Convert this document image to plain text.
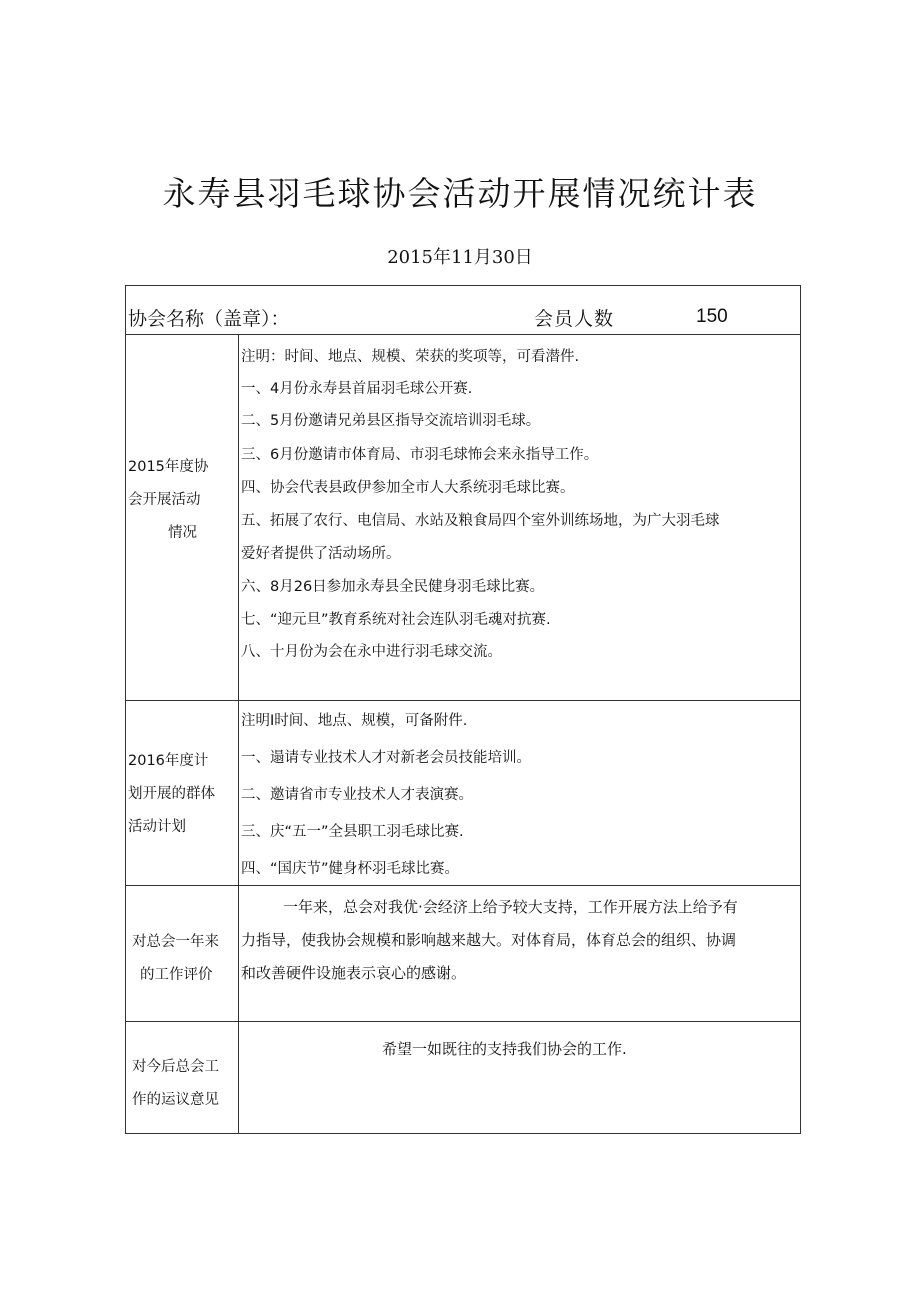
永寿县羽毛球协会活动开展情况统计表
2015年11月30日
协会名称（盖章）：	会员人数	150
2015年度协
会开展活动
情况
注明：时间、地点、规模、荣获的奖项等，可看潜件.
一、4月份永寿县首届羽毛球公开赛.
二、5月份邀请兄弟县区指导交流培训羽毛球。
三、6月份邀请市体育局、市羽毛球怖会来永指导工作。
四、协会代表县政伊参加全市人大系统羽毛球比赛。
五、拓展了农行、电信局、水站及粮食局四个室外训练场地，为广大羽毛球
爱好者提供了活动场所。
六、8月26日参加永寿县全民健身羽毛球比赛。
七、“迎元旦”教育系统对社会连队羽毛魂对抗赛.
八、十月份为会在永中进行羽毛球交流。
2016年度计
划开展的群体
活动计划
注明I时间、地点、规模，可备附件.
一、遢请专业技术人才对新老会员技能培训。
二、邀请省市专业技术人才表演赛。
三、庆“五一”全县职工羽毛球比赛.
四、“国庆节”健身杯羽毛球比赛。
对总会一年来
的工作评价
一年来，总会对我优·会经济上给予较大支持，工作开展方法上给予有
力指导，使我协会规模和影响越来越大。对体育局，体育总会的组织、协调
和改善硬件设施表示哀心的感谢。
对今后总会工
作的运议意见
希望一如既往的支持我们协会的工作.
